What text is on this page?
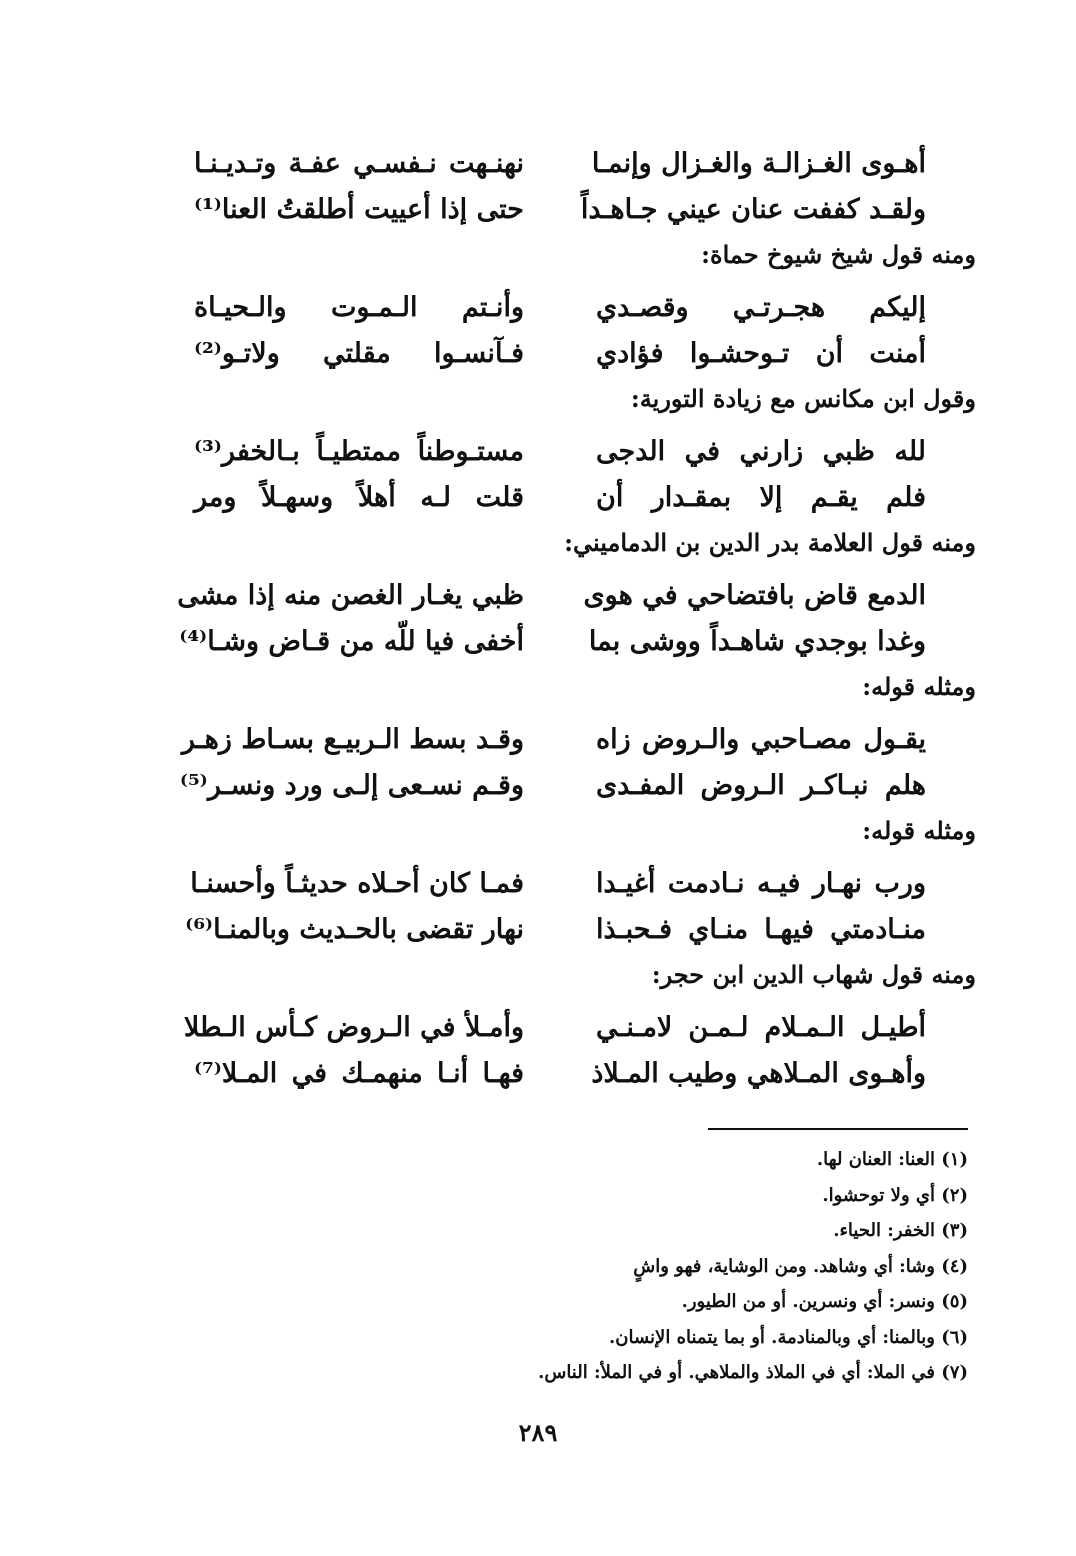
أهـوى الغـزالـة والغـزال وإنمـا
نهنـهت نـفسـي عفـة وتـديـنـا
ولقـد كففت عنان عيني جـاهـداً
حتى إذا أعييت أطلقتُ العنا⁽¹⁾
ومنه قول شيخ شيوخ حماة:
إليكم هجـرتـي وقصـدي
وأنـتم الـمـوت والـحيـاة
أمنت أن تـوحشـوا فؤادي
فـآنسـوا مقلتي ولاتـو⁽²⁾
وقول ابن مكانس مع زيادة التورية:
لله ظبي زارني في الدجى
مستـوطناً ممتطيـاً بـالخفر⁽³⁾
فلم يقـم إلا بمقـدار أن
قلت لـه أهلاً وسهـلاً ومر
ومنه قول العلامة بدر الدين بن الدماميني:
الدمع قاض بافتضاحي في هوى
ظبي يغـار الغصن منه إذا مشى
وغدا بوجدي شاهـداً ووشى بما
أخفى فيا للّه من قـاض وشـا⁽⁴⁾
ومثله قوله:
يقـول مصـاحبي والـروض زاه
وقـد بسط الـربيـع بسـاط زهـر
هلم نبـاكـر الـروض المفـدى
وقـم نسـعى إلـى ورد ونسـر⁽⁵⁾
ومثله قوله:
ورب نهـار فيـه نـادمت أغيـدا
فمـا كان أحـلاه حديثـاً وأحسنـا
منـادمتي فيهـا منـاي فـحبـذا
نهار تقضى بالحـديث وبالمنـا⁽⁶⁾
ومنه قول شهاب الدين ابن حجر:
أطيـل الـمـلام لـمـن لامـنـي
وأمـلأ في الـروض كـأس الـطلا
وأهـوى المـلاهي وطيب المـلاذ
فهـا أنـا منهمـك في المـلا⁽⁷⁾
(١) العنا: العنان لها.
(٢) أي ولا توحشوا.
(٣) الخفر: الحياء.
(٤) وشا: أي وشاهد. ومن الوشاية، فهو واشٍ
(٥) ونسر: أي ونسرين. أو من الطيور.
(٦) وبالمنا: أي وبالمنادمة. أو بما يتمناه الإنسان.
(٧) في الملا: أي في الملاذ والملاهي. أو في الملأ: الناس.
٢٨٩
